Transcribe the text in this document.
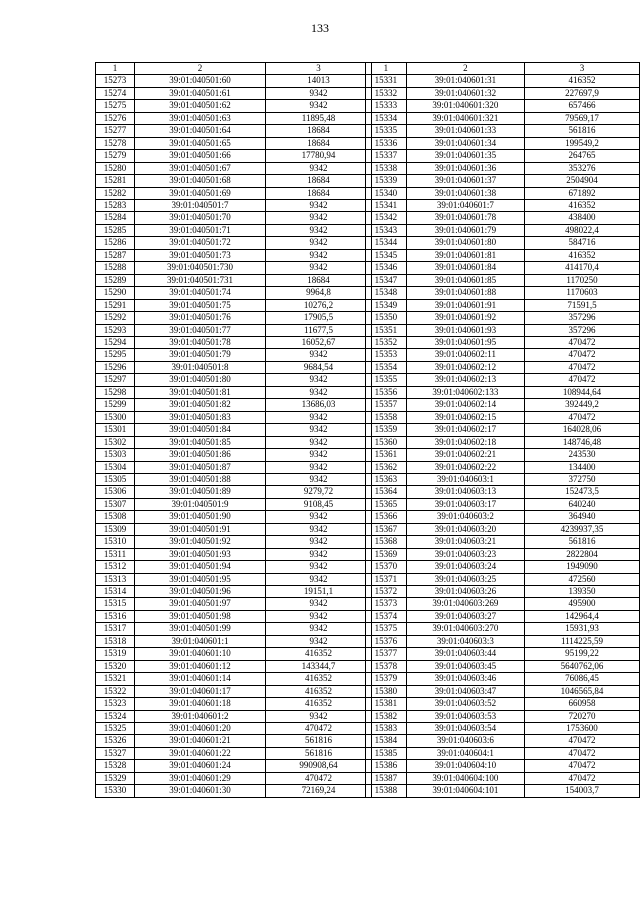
133
1	2	3
15273	39:01:040501:60	14013
15274	39:01:040501:61	9342
15275	39:01:040501:62	9342
15276	39:01:040501:63	11895,48
15277	39:01:040501:64	18684
15278	39:01:040501:65	18684
15279	39:01:040501:66	17780,94
15280	39:01:040501:67	9342
15281	39:01:040501:68	18684
15282	39:01:040501:69	18684
15283	39:01:040501:7	9342
15284	39:01:040501:70	9342
15285	39:01:040501:71	9342
15286	39:01:040501:72	9342
15287	39:01:040501:73	9342
15288	39:01:040501:730	9342
15289	39:01:040501:731	18684
15290	39:01:040501:74	9964,8
15291	39:01:040501:75	10276,2
15292	39:01:040501:76	17905,5
15293	39:01:040501:77	11677,5
15294	39:01:040501:78	16052,67
15295	39:01:040501:79	9342
15296	39:01:040501:8	9684,54
15297	39:01:040501:80	9342
15298	39:01:040501:81	9342
15299	39:01:040501:82	13686,03
15300	39:01:040501:83	9342
15301	39:01:040501:84	9342
15302	39:01:040501:85	9342
15303	39:01:040501:86	9342
15304	39:01:040501:87	9342
15305	39:01:040501:88	9342
15306	39:01:040501:89	9279,72
15307	39:01:040501:9	9108,45
15308	39:01:040501:90	9342
15309	39:01:040501:91	9342
15310	39:01:040501:92	9342
15311	39:01:040501:93	9342
15312	39:01:040501:94	9342
15313	39:01:040501:95	9342
15314	39:01:040501:96	19151,1
15315	39:01:040501:97	9342
15316	39:01:040501:98	9342
15317	39:01:040501:99	9342
15318	39:01:040601:1	9342
15319	39:01:040601:10	416352
15320	39:01:040601:12	143344,7
15321	39:01:040601:14	416352
15322	39:01:040601:17	416352
15323	39:01:040601:18	416352
15324	39:01:040601:2	9342
15325	39:01:040601:20	470472
15326	39:01:040601:21	561816
15327	39:01:040601:22	561816
15328	39:01:040601:24	990908,64
15329	39:01:040601:29	470472
15330	39:01:040601:30	72169,24
1	2	3
15331	39:01:040601:31	416352
15332	39:01:040601:32	227697,9
15333	39:01:040601:320	657466
15334	39:01:040601:321	79569,17
15335	39:01:040601:33	561816
15336	39:01:040601:34	199549,2
15337	39:01:040601:35	264765
15338	39:01:040601:36	353276
15339	39:01:040601:37	2504904
15340	39:01:040601:38	671892
15341	39:01:040601:7	416352
15342	39:01:040601:78	438400
15343	39:01:040601:79	498022,4
15344	39:01:040601:80	584716
15345	39:01:040601:81	416352
15346	39:01:040601:84	414170,4
15347	39:01:040601:85	1170250
15348	39:01:040601:88	1170603
15349	39:01:040601:91	71591,5
15350	39:01:040601:92	357296
15351	39:01:040601:93	357296
15352	39:01:040601:95	470472
15353	39:01:040602:11	470472
15354	39:01:040602:12	470472
15355	39:01:040602:13	470472
15356	39:01:040602:133	108944,64
15357	39:01:040602:14	392449,2
15358	39:01:040602:15	470472
15359	39:01:040602:17	164028,06
15360	39:01:040602:18	148746,48
15361	39:01:040602:21	243530
15362	39:01:040602:22	134400
15363	39:01:040603:1	372750
15364	39:01:040603:13	152473,5
15365	39:01:040603:17	640240
15366	39:01:040603:2	364940
15367	39:01:040603:20	4239937,35
15368	39:01:040603:21	561816
15369	39:01:040603:23	2822804
15370	39:01:040603:24	1949090
15371	39:01:040603:25	472560
15372	39:01:040603:26	139350
15373	39:01:040603:269	495900
15374	39:01:040603:27	142964,4
15375	39:01:040603:270	15931,93
15376	39:01:040603:3	1114225,59
15377	39:01:040603:44	95199,22
15378	39:01:040603:45	5640762,06
15379	39:01:040603:46	76086,45
15380	39:01:040603:47	1046565,84
15381	39:01:040603:52	660958
15382	39:01:040603:53	720270
15383	39:01:040603:54	1753600
15384	39:01:040603:6	470472
15385	39:01:040604:1	470472
15386	39:01:040604:10	470472
15387	39:01:040604:100	470472
15388	39:01:040604:101	154003,7
